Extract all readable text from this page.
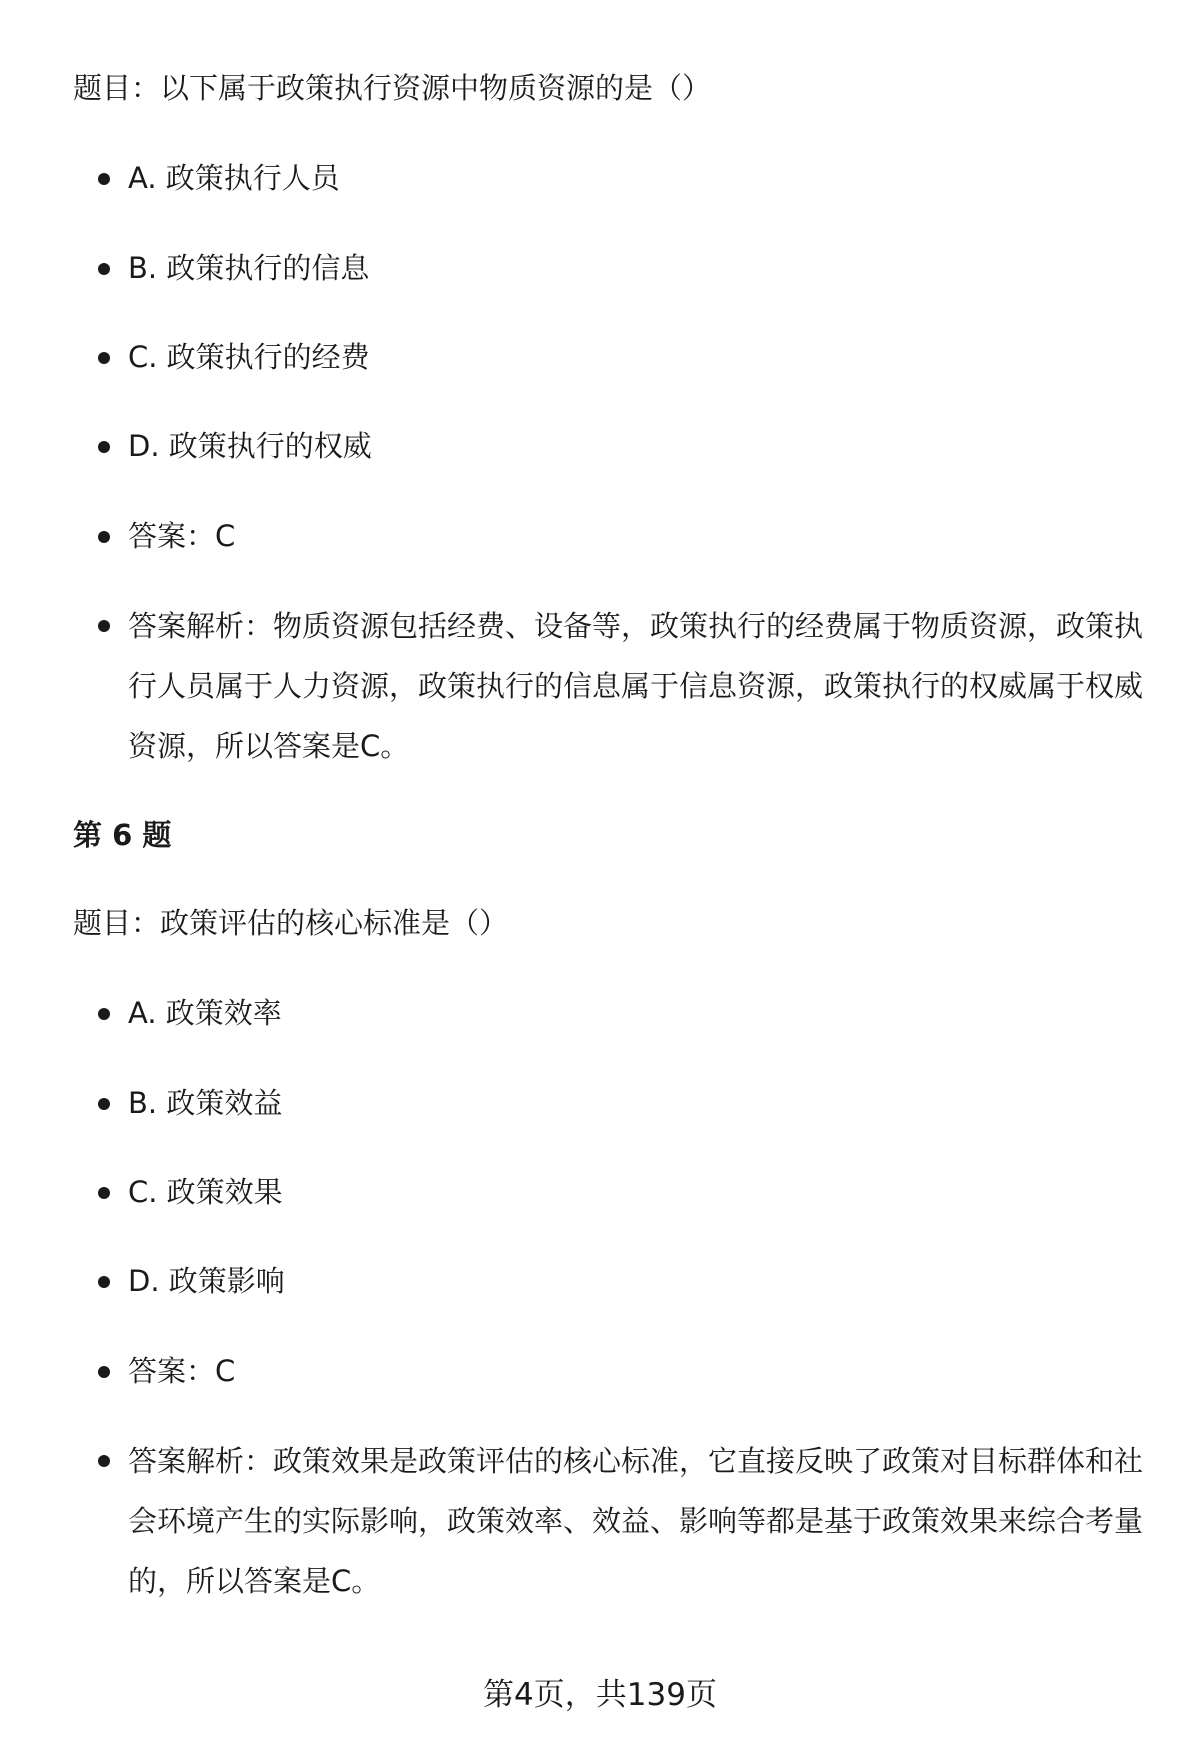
题目：以下属于政策执行资源中物质资源的是（）
A. 政策执行人员
B. 政策执行的信息
C. 政策执行的经费
D. 政策执行的权威
答案：C
答案解析：物质资源包括经费、设备等，政策执行的经费属于物质资源，政策执行人员属于人力资源，政策执行的信息属于信息资源，政策执行的权威属于权威资源，所以答案是C。
第 6 题
题目：政策评估的核心标准是（）
A. 政策效率
B. 政策效益
C. 政策效果
D. 政策影响
答案：C
答案解析：政策效果是政策评估的核心标准，它直接反映了政策对目标群体和社会环境产生的实际影响，政策效率、效益、影响等都是基于政策效果来综合考量的，所以答案是C。
第4页，共139页
